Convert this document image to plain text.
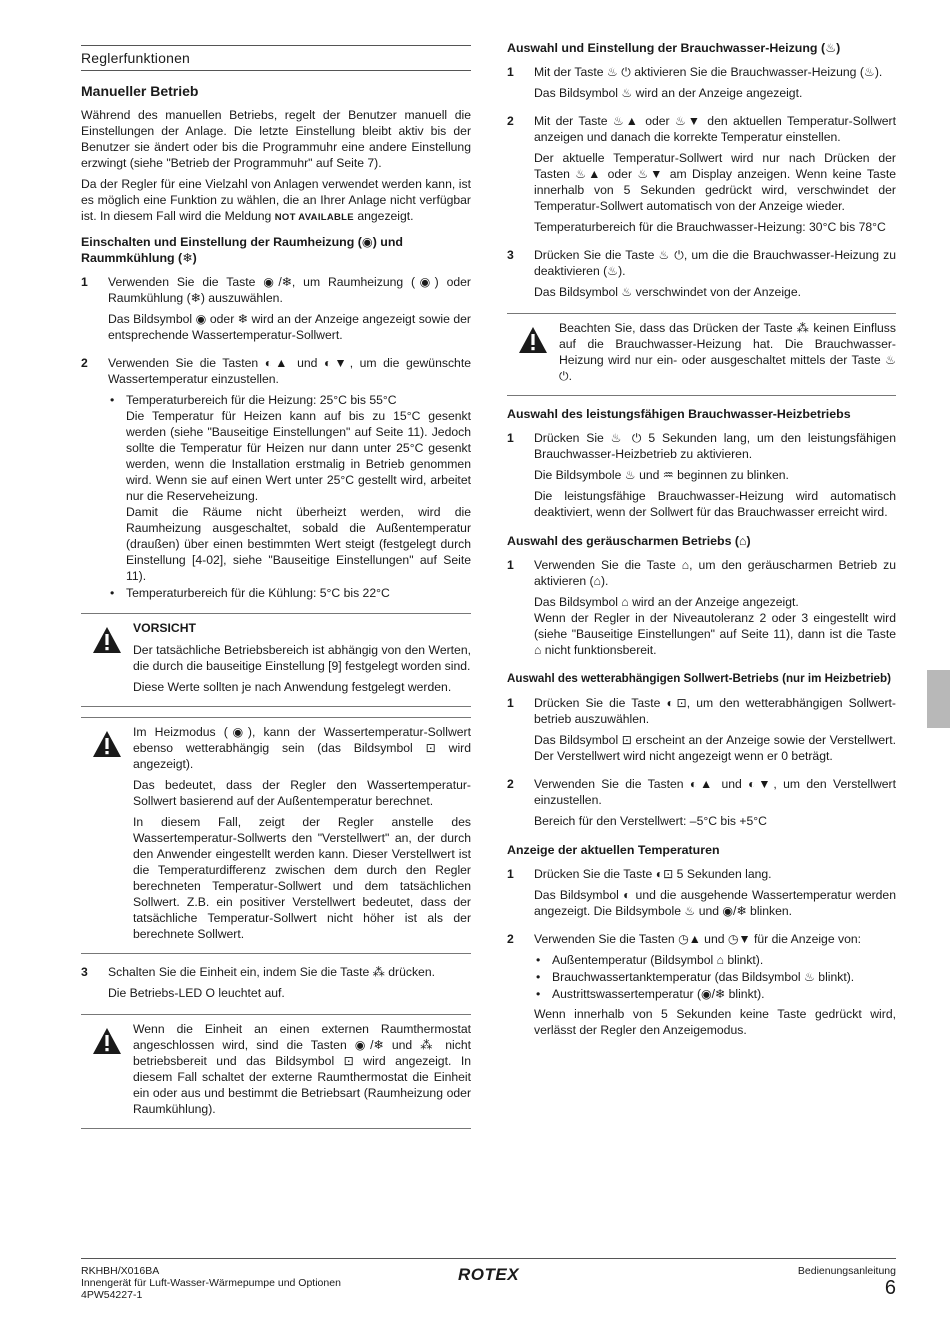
Reglerfunktionen
Manueller Betrieb

Während des manuellen Betriebs, regelt der Benutzer manuell die Einstellungen der Anlage. Die letzte Einstellung bleibt aktiv bis der Benutzer sie ändert oder bis die Programmuhr eine andere Einstellung erzwingt (siehe "Betrieb der Programmuhr" auf Seite 7).

Da der Regler für eine Vielzahl von Anlagen verwendet werden kann, ist es möglich eine Funktion zu wählen, die an Ihrer Anlage nicht verfügbar ist. In diesem Fall wird die Meldung NOT AVAILABLE angezeigt.

Einschalten und Einstellung der Raumheizung (◉) und Raummkühlung (❄)
1	Verwenden Sie die Taste ◉/❄, um Raumheizung (◉) oder Raumkühlung (❄) auszuwählen.

Das Bildsymbol ◉ oder ❄ wird an der Anzeige angezeigt sowie der entsprechende Wassertemperatur-Sollwert.

2	Verwenden Sie die Tasten ◐▲ und ◐▼, um die gewünschte Wassertemperatur einzustellen.

• Temperaturbereich für die Heizung: 25°C bis 55°C
Die Temperatur für Heizen kann auf bis zu 15°C gesenkt werden (siehe "Bauseitige Einstellungen" auf Seite 11). Jedoch sollte die Temperatur für Heizen nur dann unter 25°C gesenkt werden, wenn die Installation erstmalig in Betrieb genommen wird. Wenn sie auf einen Wert unter 25°C gestellt wird, arbeitet nur die Reserveheizung.
Damit die Räume nicht überheizt werden, wird die Raumheizung ausgeschaltet, sobald die Außentemperatur (draußen) über einen bestimmten Wert steigt (festgelegt durch Einstellung [4-02], siehe "Bauseitige Einstellungen" auf Seite 11).
• Temperaturbereich für die Kühlung: 5°C bis 22°C

VORSICHT

Der tatsächliche Betriebsbereich ist abhängig von den Werten, die durch die bauseitige Einstellung [9] festgelegt worden sind.

Diese Werte sollten je nach Anwendung festgelegt werden.

Im Heizmodus (◉), kann der Wassertemperatur-Sollwert ebenso wetterabhängig sein (das Bildsymbol ⊡ wird angezeigt).

Das bedeutet, dass der Regler den Wassertemperatur-Sollwert basierend auf der Außentemperatur berechnet.

In diesem Fall, zeigt der Regler anstelle des Wassertemperatur-Sollwerts den "Verstellwert" an, der durch den Anwender eingestellt werden kann. Dieser Verstellwert ist die Temperaturdifferenz zwischen dem durch den Regler berechneten Temperatur-Sollwert und dem tatsächlichen Sollwert. Z.B. ein positiver Verstellwert bedeutet, dass der tatsächliche Temperatur-Sollwert nicht höher ist als der berechnete Sollwert.

3	Schalten Sie die Einheit ein, indem Sie die Taste ⁂ drücken.

Die Betriebs-LED O leuchtet auf.

Wenn die Einheit an einen externen Raumthermostat angeschlossen wird, sind die Tasten ◉/❄ und ⁂ nicht betriebsbereit und das Bildsymbol ⊡ wird angezeigt. In diesem Fall schaltet der externe Raumthermostat die Einheit ein oder aus und bestimmt die Betriebsart (Raumheizung oder Raumkühlung).

Auswahl und Einstellung der Brauchwasser-Heizung (♨)
1	Mit der Taste ♨ ⏻ aktivieren Sie die Brauchwasser-Heizung (♨).

Das Bildsymbol ♨ wird an der Anzeige angezeigt.

2	Mit der Taste ♨▲ oder ♨▼ den aktuellen Temperatur-Sollwert anzeigen und danach die korrekte Temperatur einstellen.

Der aktuelle Temperatur-Sollwert wird nur nach Drücken der Tasten ♨▲ oder ♨▼ am Display anzeigen. Wenn keine Taste innerhalb von 5 Sekunden gedrückt wird, verschwindet der Temperatur-Sollwert automatisch von der Anzeige wieder.

Temperaturbereich für die Brauchwasser-Heizung: 30°C bis 78°C

3	Drücken Sie die Taste ♨ ⏻, um die die Brauchwasser-Heizung zu deaktivieren (♨).

Das Bildsymbol ♨ verschwindet von der Anzeige.

Beachten Sie, dass das Drücken der Taste ⁂ keinen Einfluss auf die Brauchwasser-Heizung hat. Die Brauchwasser-Heizung wird nur ein- oder ausgeschaltet mittels der Taste ♨ ⏻.

Auswahl des leistungsfähigen Brauchwasser-Heizbetriebs
1	Drücken Sie ♨ ⏻ 5 Sekunden lang, um den leistungsfähigen Brauchwasser-Heizbetrieb zu aktivieren.

Die Bildsymbole ♨ und ♒ beginnen zu blinken.

Die leistungsfähige Brauchwasser-Heizung wird automatisch deaktiviert, wenn der Sollwert für das Brauchwasser erreicht wird.

Auswahl des geräuscharmen Betriebs (⌂)
1	Verwenden Sie die Taste ⌂, um den geräuscharmen Betrieb zu aktivieren (⌂).

Das Bildsymbol ⌂ wird an der Anzeige angezeigt.
Wenn der Regler in der Niveautoleranz 2 oder 3 eingestellt wird (siehe "Bauseitige Einstellungen" auf Seite 11), dann ist die Taste ⌂ nicht funktionsbereit.

Auswahl des wetterabhängigen Sollwert-Betriebs (nur im Heizbetrieb)
1	Drücken Sie die Taste ◐⊡, um den wetterabhängigen Sollwert-betrieb auszuwählen.

Das Bildsymbol ⊡ erscheint an der Anzeige sowie der Verstellwert. Der Verstellwert wird nicht angezeigt wenn er 0 beträgt.

2	Verwenden Sie die Tasten ◐▲ und ◐▼, um den Verstellwert einzustellen.

Bereich für den Verstellwert: –5°C bis +5°C

Anzeige der aktuellen Temperaturen
1	Drücken Sie die Taste ◐⊡ 5 Sekunden lang.

Das Bildsymbol ◐ und die ausgehende Wassertemperatur werden angezeigt. Die Bildsymbole ♨ und ◉/❄ blinken.

2	Verwenden Sie die Tasten ◷▲ und ◷▼ für die Anzeige von:

• Außentemperatur (Bildsymbol ⌂ blinkt).
• Brauchwassertanktemperatur (das Bildsymbol ♨ blinkt).
• Austrittswassertemperatur (◉/❄ blinkt).

Wenn innerhalb von 5 Sekunden keine Taste gedrückt wird, verlässt der Regler den Anzeigemodus.

RKHBH/X016BA
Innengerät für Luft-Wasser-Wärmepumpe und Optionen
4PW54227-1
ROTEX	Bedienungsanleitung
6
